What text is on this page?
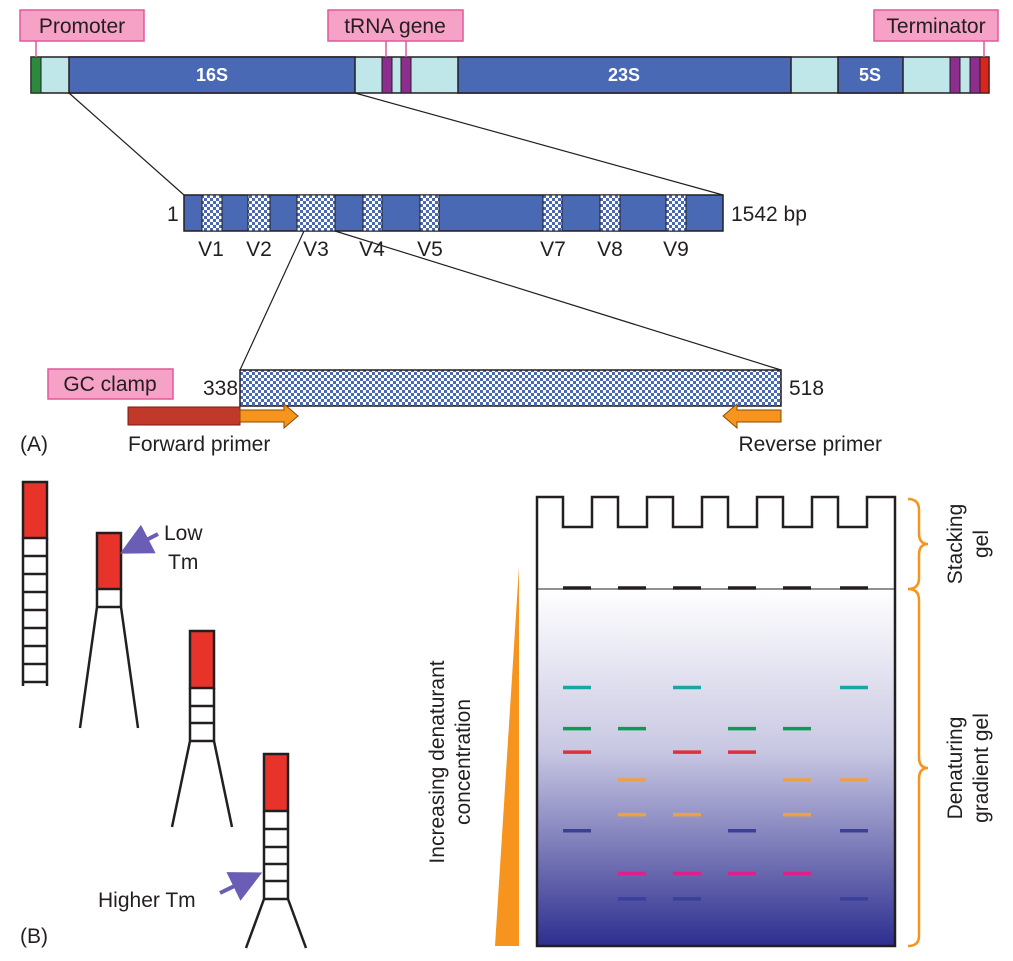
16S	23S	5S
Promoter	tRNA gene	Terminator
1	1542 bp
V1 V2 V3 V4 V5	V7 V8 V9
338	518
GC clamp
Forward primer	Reverse primer
(A)
Low
Tm
Higher Tm
(B)
Increasing denaturant concentration
Stacking gel
Denaturing gradient gel
